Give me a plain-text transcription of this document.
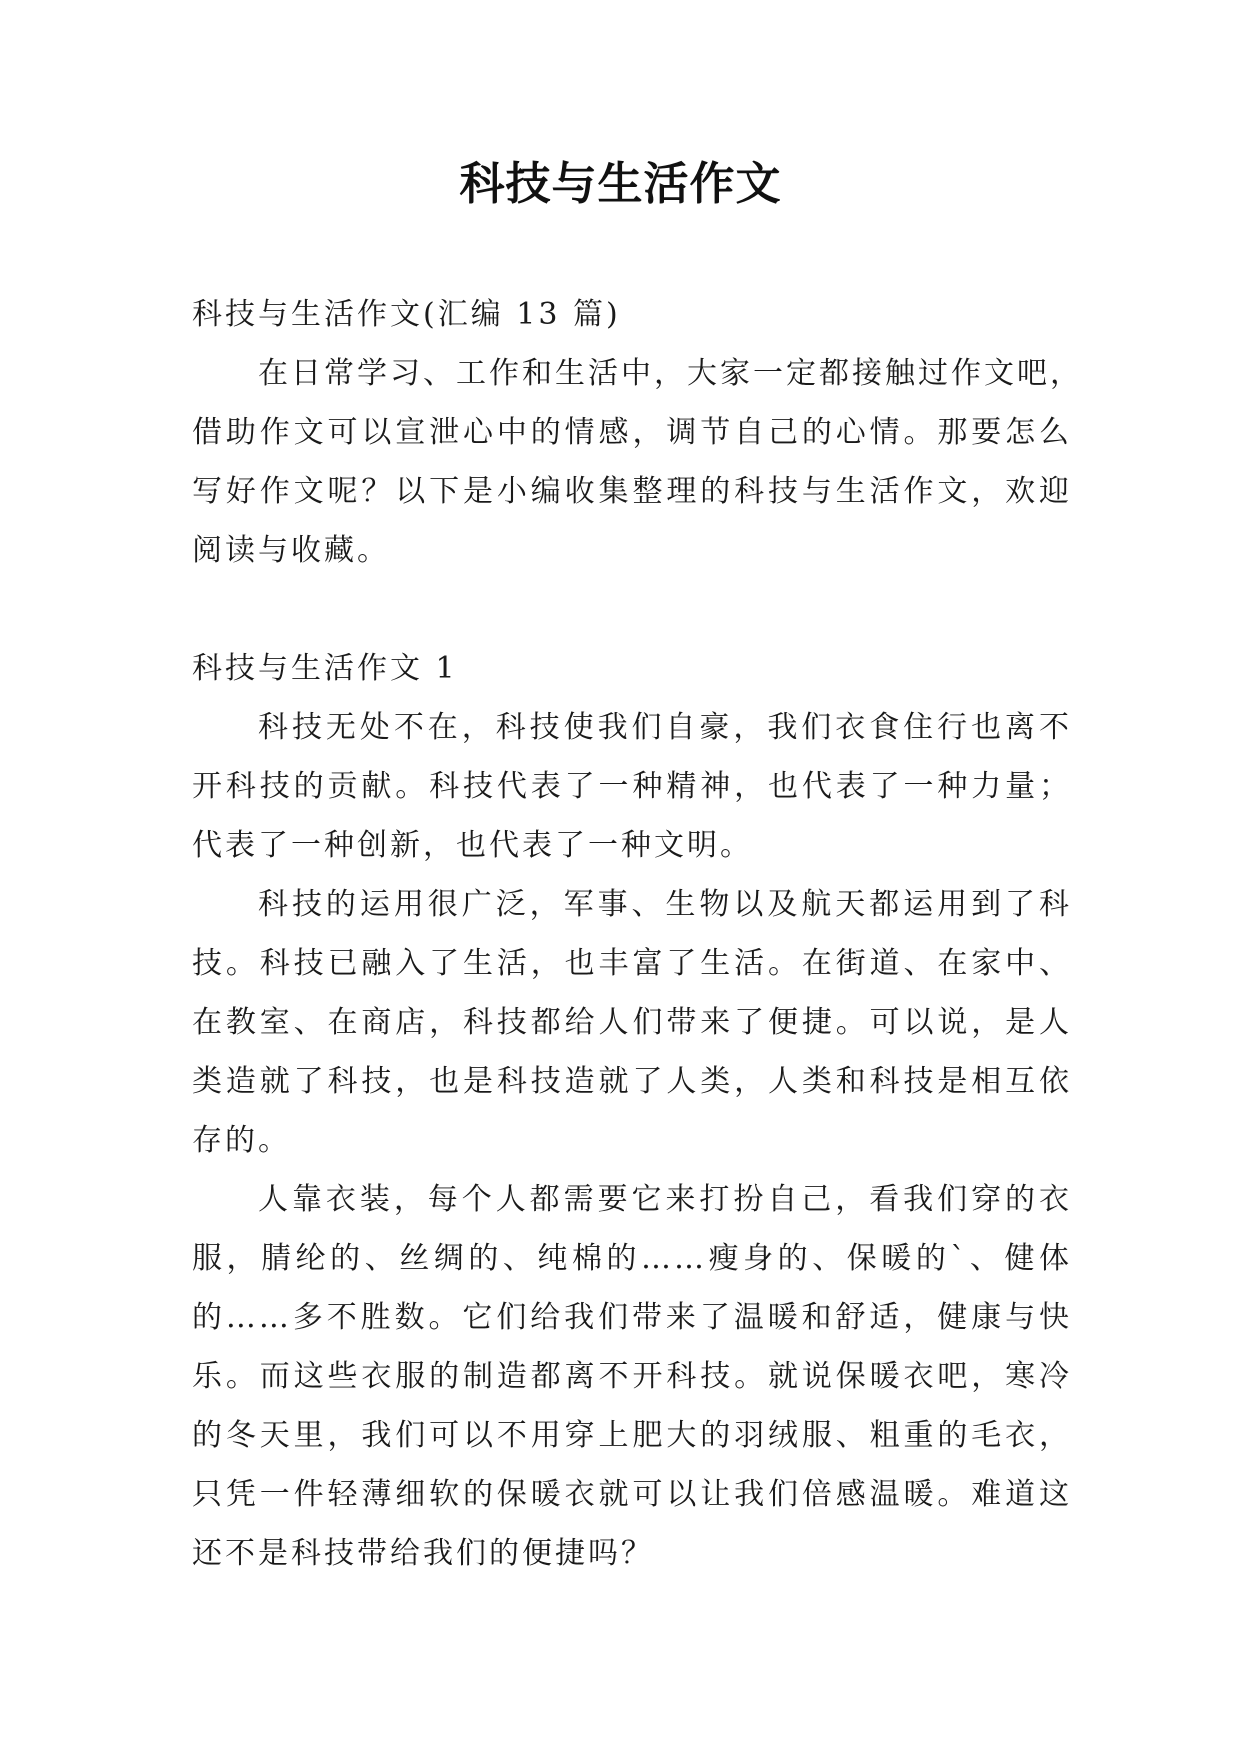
科技与生活作文

科技与生活作文(汇编 13 篇)

在日常学习、工作和生活中，大家一定都接触过作文吧，
借助作文可以宣泄心中的情感，调节自己的心情。那要怎么
写好作文呢？以下是小编收集整理的科技与生活作文，欢迎
阅读与收藏。

科技与生活作文 1

科技无处不在，科技使我们自豪，我们衣食住行也离不
开科技的贡献。科技代表了一种精神，也代表了一种力量；
代表了一种创新，也代表了一种文明。

科技的运用很广泛，军事、生物以及航天都运用到了科
技。科技已融入了生活，也丰富了生活。在街道、在家中、
在教室、在商店，科技都给人们带来了便捷。可以说，是人
类造就了科技，也是科技造就了人类，人类和科技是相互依
存的。

人靠衣装，每个人都需要它来打扮自己，看我们穿的衣
服，腈纶的、丝绸的、纯棉的……瘦身的、保暖的`、健体
的……多不胜数。它们给我们带来了温暖和舒适，健康与快
乐。而这些衣服的制造都离不开科技。就说保暖衣吧，寒冷
的冬天里，我们可以不用穿上肥大的羽绒服、粗重的毛衣，
只凭一件轻薄细软的保暖衣就可以让我们倍感温暖。难道这
还不是科技带给我们的便捷吗？
